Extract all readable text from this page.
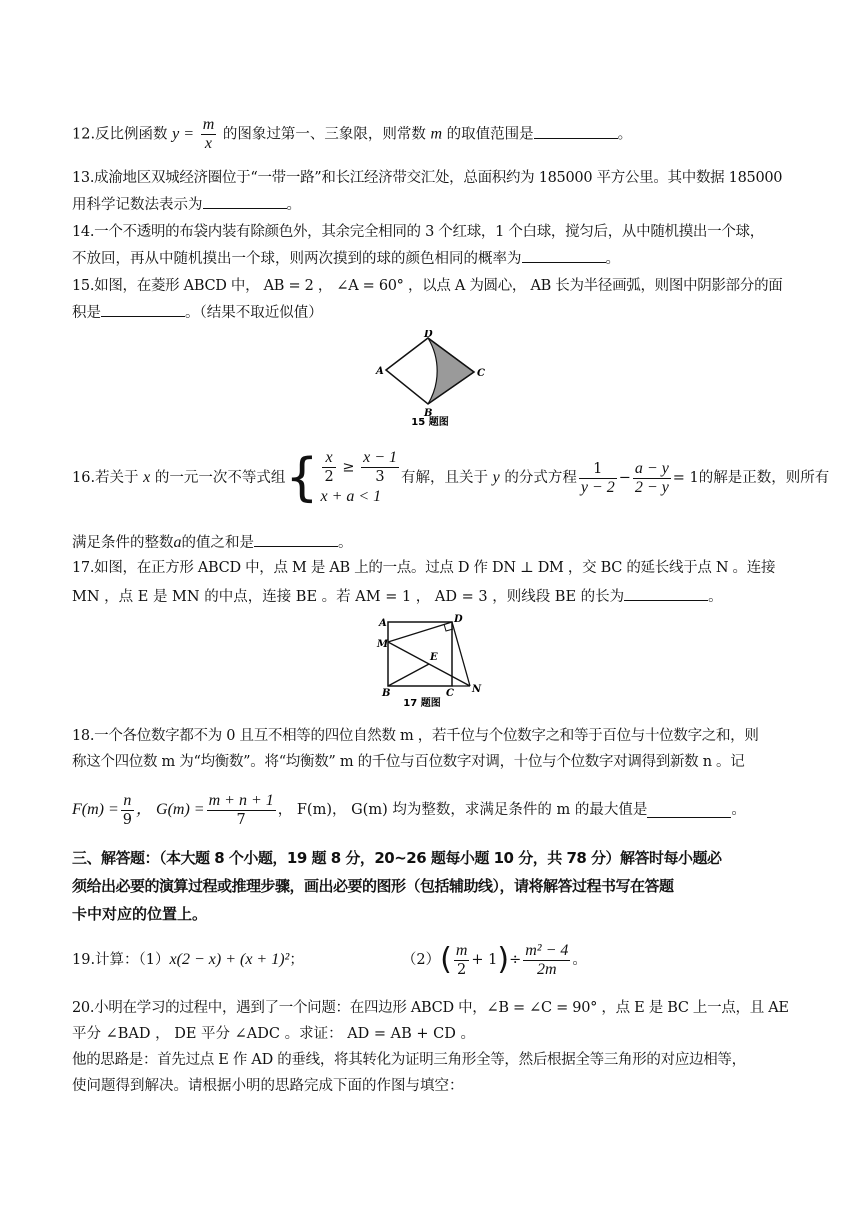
12.反比例函数 $y = \frac{m}{x}$ 的图象过第一、三象限，则常数 m 的取值范围是	。
13.成渝地区双城经济圈位于“一带一路”和长江经济带交汇处，总面积约为 185000 平方公里。其中数据 185000
用科学记数法表示为	。
14.一个不透明的布袋内装有除颜色外，其余完全相同的 3 个红球，1 个白球，搅匀后，从中随机摸出一个球，
不放回，再从中随机摸出一个球，则两次摸到的球的颜色相同的概率为	。
15.如图，在菱形 ABCD 中， AB = 2 ， ∠A = 60° ，以点 A 为圆心， AB 长为半径画弧，则图中阴影部分的面
积是	。（结果不取近似值）
A
B
C
D
15 题图
16.若关于
x
的一元一次不等式组 { $\frac{x}{2} \ge \frac{x - 1}{3}$
x + a < 1
有解，且关于
y
的分式方程 $\frac{1}{y - 2} - \frac{a - y}{2 - y} = 1$ 的解是正数，则所有
满足条件的整数a的值之和是	。
17.如图，在正方形 ABCD 中，点 M 是 AB 上的一点。过点 D 作 DN ⊥ DM ，交 BC 的延长线于点 N 。连接
MN ，点 E 是 MN 的中点，连接 BE 。若 AM = 1 ， AD = 3 ，则线段 BE 的长为	。
A
B	C
D
M
E
N
17 题图
18.一个各位数字都不为 0 且互不相等的四位自然数 m ，若千位与个位数字之和等于百位与十位数字之和，则
称这个四位数 m 为“均衡数”。将“均衡数” m 的千位与百位数字对调，十位与个位数字对调得到新数 n 。记
$F(m) = \frac{n}{9}$ ， $G(m) = \frac{m + n + 1}{7}$ ， F(m)， G(m) 均为整数，求满足条件的 m 的最大值是	。
三、解答题：（本大题 8 个小题，19 题 8 分，20~26 题每小题 10 分，共 78 分）解答时每小题必
须给出必要的演算过程或推理步骤，画出必要的图形（包括辅助线），请将解答过程书写在答题
卡中对应的位置上。
19.计算：（1） x(2 − x) + (x + 1)² ；	（2） ( $\frac{m}{2} + 1$ ) ÷ $\frac{\text{m² − 4}}{2m}$ 。
20.小明在学习的过程中，遇到了一个问题：在四边形 ABCD 中，∠B = ∠C = 90° ，点 E 是 BC 上一点，且 AE
平分 ∠BAD ， DE 平分 ∠ADC 。求证： AD = AB + CD 。
他的思路是：首先过点 E 作 AD 的垂线，将其转化为证明三角形全等，然后根据全等三角形的对应边相等，
使问题得到解决。请根据小明的思路完成下面的作图与填空：
